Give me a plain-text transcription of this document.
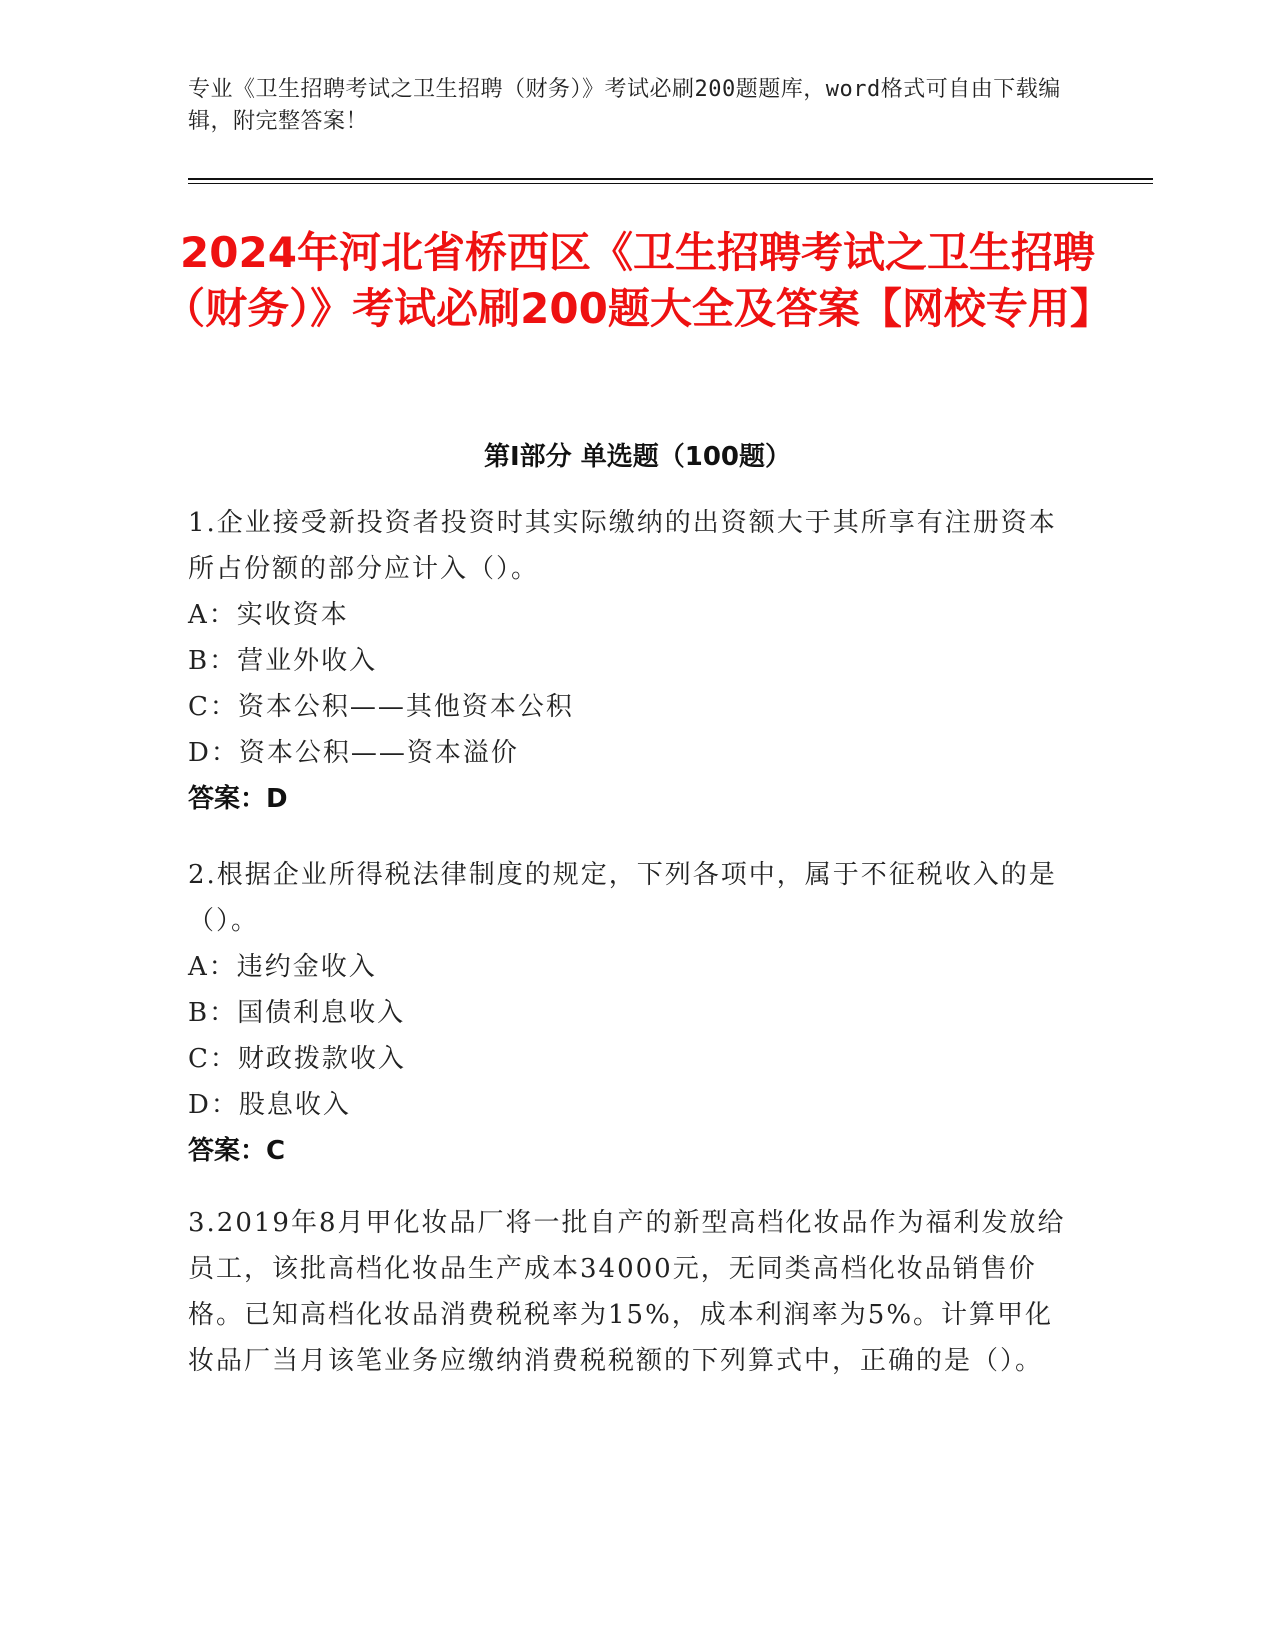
专业《卫生招聘考试之卫生招聘（财务）》考试必刷200题题库，word格式可自由下载编辑，附完整答案！
2024年河北省桥西区《卫生招聘考试之卫生招聘（财务）》考试必刷200题大全及答案【网校专用】
第I部分 单选题（100题）
1.企业接受新投资者投资时其实际缴纳的出资额大于其所享有注册资本所占份额的部分应计入（）。
A：实收资本
B：营业外收入
C：资本公积——其他资本公积
D：资本公积——资本溢价
答案：D
2.根据企业所得税法律制度的规定，下列各项中，属于不征税收入的是（）。
A：违约金收入
B：国债利息收入
C：财政拨款收入
D：股息收入
答案：C
3.2019年8月甲化妆品厂将一批自产的新型高档化妆品作为福利发放给员工，该批高档化妆品生产成本34000元，无同类高档化妆品销售价格。已知高档化妆品消费税税率为15%，成本利润率为5%。计算甲化妆品厂当月该笔业务应缴纳消费税税额的下列算式中，正确的是（）。
